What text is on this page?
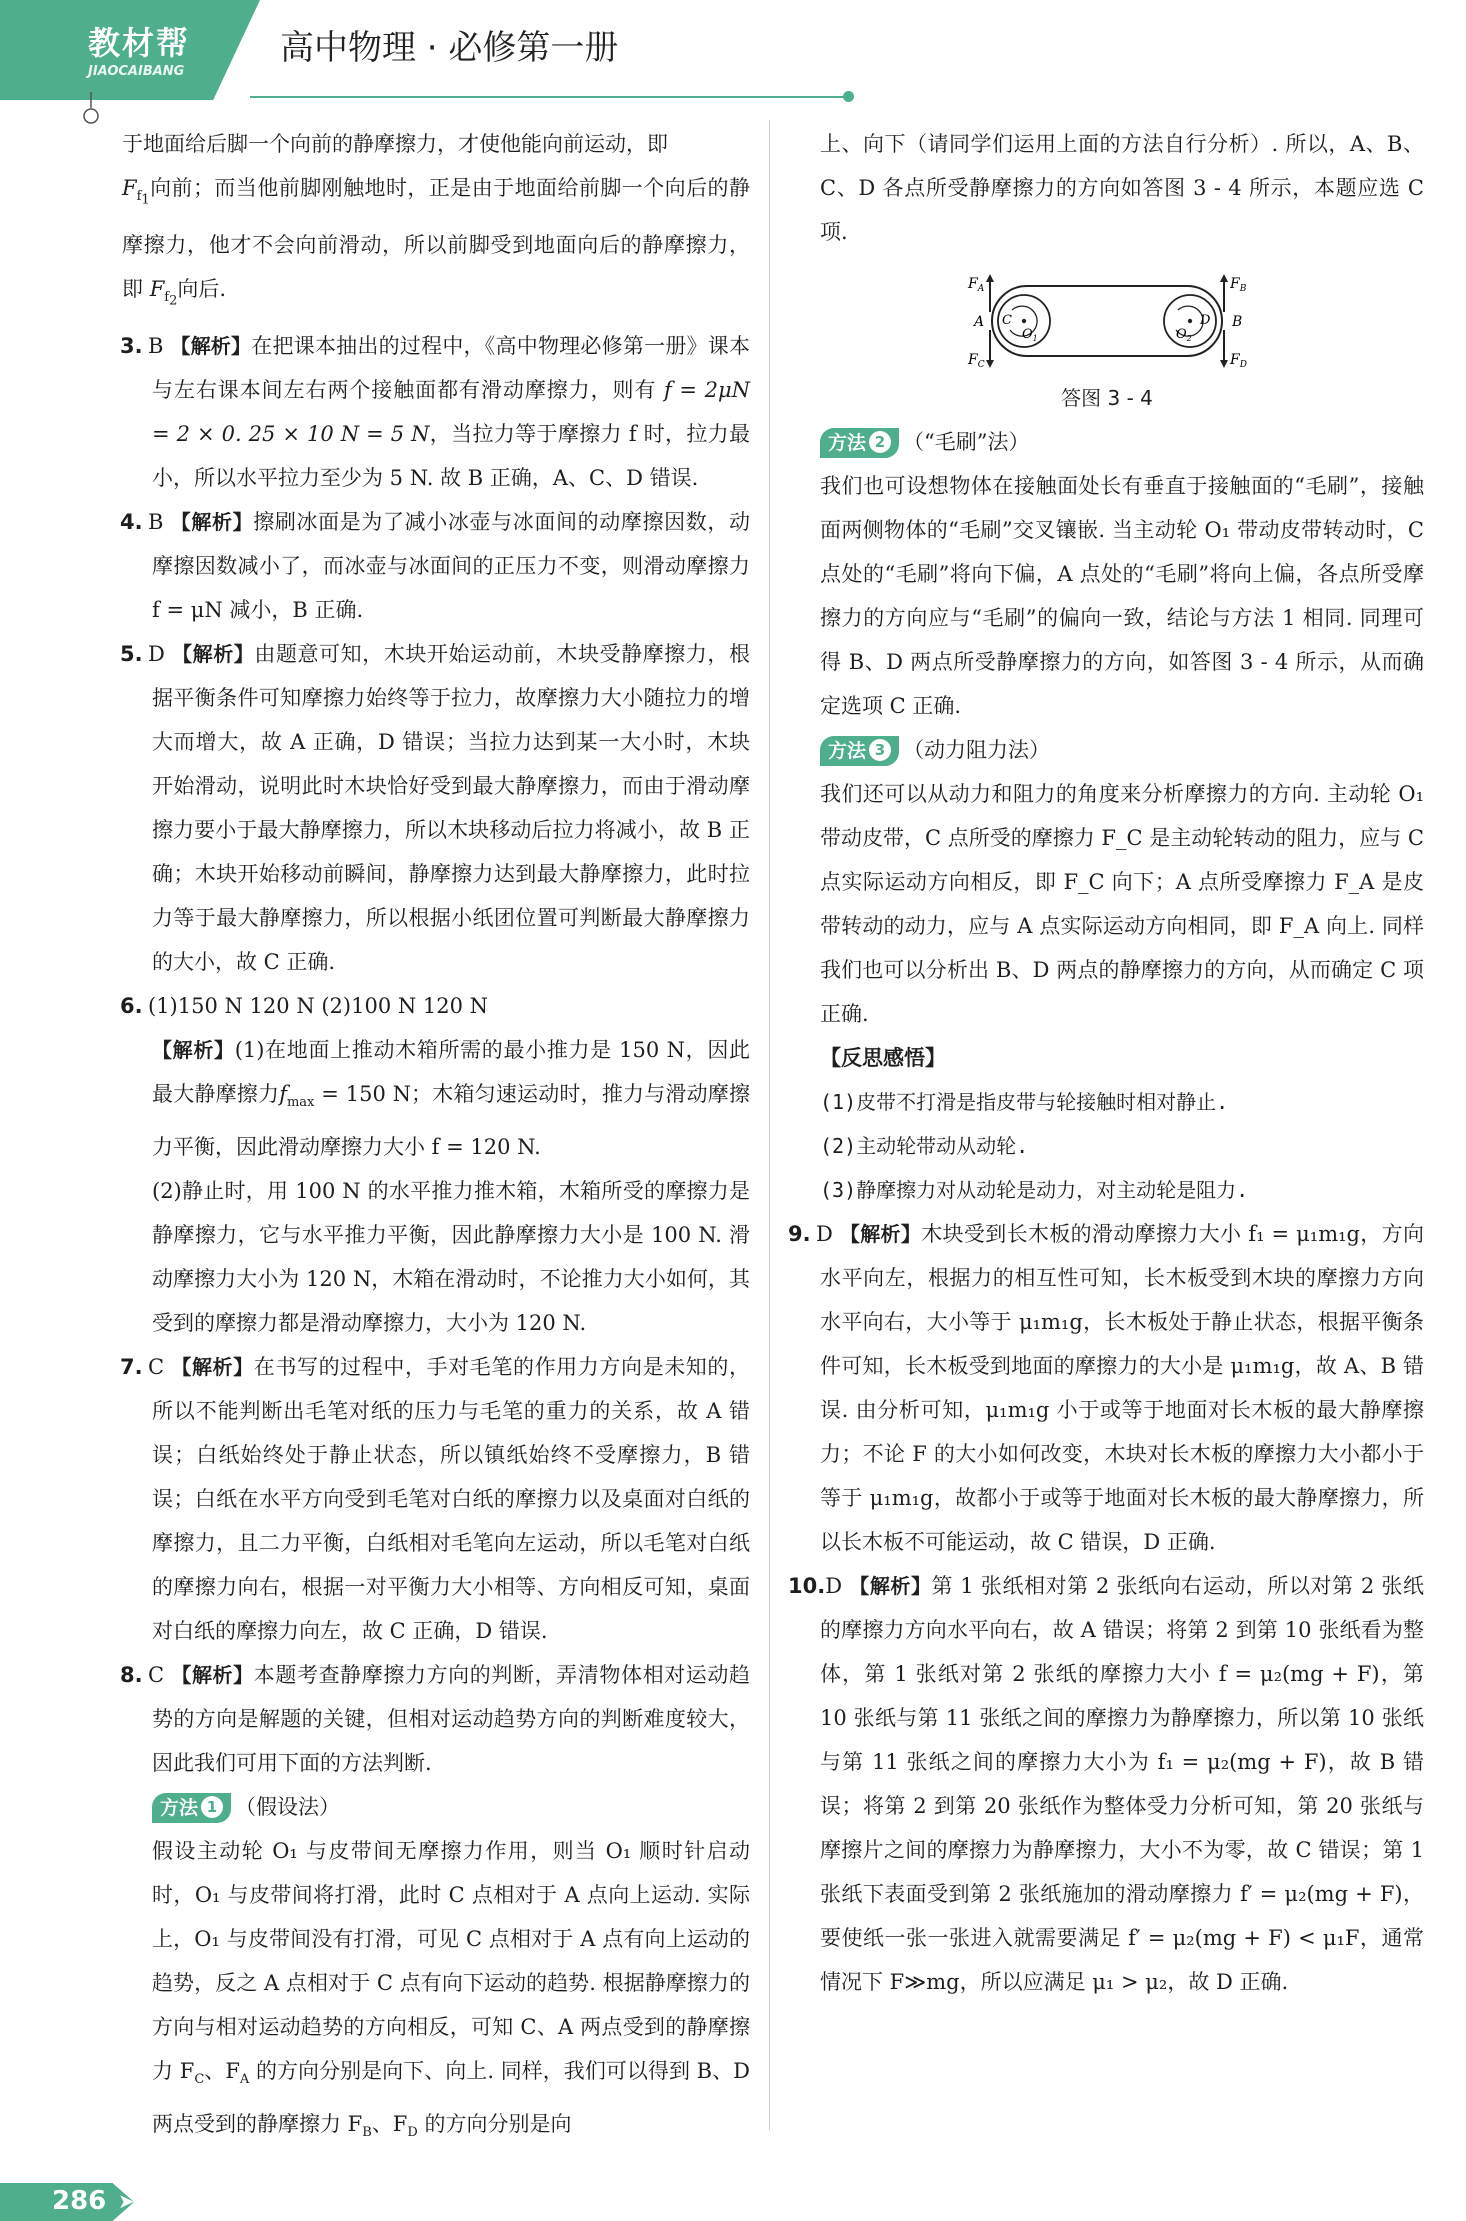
教材帮
JIAOCAIBANG
高中物理 · 必修第一册

于地面给后脚一个向前的静摩擦力，才使他能向前运动，即
$F_{f_1}$向前；而当他前脚刚触地时，正是由于地面给前脚一个向后的静摩擦力，他才不会向前滑动，所以前脚受到地面向后的静摩擦力，即 $F_{f_2}$向后.

3. B 【解析】在把课本抽出的过程中，《高中物理必修第一册》课本与左右课本间左右两个接触面都有滑动摩擦力，则有 f = 2μN = 2 × 0. 25 × 10 N = 5 N，当拉力等于摩擦力 f 时，拉力最小，所以水平拉力至少为 5 N. 故 B 正确，A、C、D 错误.

4. B 【解析】擦刷冰面是为了减小冰壶与冰面间的动摩擦因数，动摩擦因数减小了，而冰壶与冰面间的正压力不变，则滑动摩擦力 f = μN 减小，B 正确.

5. D 【解析】由题意可知，木块开始运动前，木块受静摩擦力，根据平衡条件可知摩擦力始终等于拉力，故摩擦力大小随拉力的增大而增大，故 A 正确，D 错误；当拉力达到某一大小时，木块开始滑动，说明此时木块恰好受到最大静摩擦力，而由于滑动摩擦力要小于最大静摩擦力，所以木块移动后拉力将减小，故 B 正确；木块开始移动前瞬间，静摩擦力达到最大静摩擦力，此时拉力等于最大静摩擦力，所以根据小纸团位置可判断最大静摩擦力的大小，故 C 正确.

6. (1)150 N 120 N (2)100 N 120 N

【解析】(1)在地面上推动木箱所需的最小推力是 150 N，因此最大静摩擦力$f_{max} = 150$ N；木箱匀速运动时，推力与滑动摩擦力平衡，因此滑动摩擦力大小 f = 120 N.

(2)静止时，用 100 N 的水平推力推木箱，木箱所受的摩擦力是静摩擦力，它与水平推力平衡，因此静摩擦力大小是 100 N. 滑动摩擦力大小为 120 N，木箱在滑动时，不论推力大小如何，其受到的摩擦力都是滑动摩擦力，大小为 120 N.

7. C 【解析】在书写的过程中，手对毛笔的作用力方向是未知的，所以不能判断出毛笔对纸的压力与毛笔的重力的关系，故 A 错误；白纸始终处于静止状态，所以镇纸始终不受摩擦力，B 错误；白纸在水平方向受到毛笔对白纸的摩擦力以及桌面对白纸的摩擦力，且二力平衡，白纸相对毛笔向左运动，所以毛笔对白纸的摩擦力向右，根据一对平衡力大小相等、方向相反可知，桌面对白纸的摩擦力向左，故 C 正确，D 错误.

8. C 【解析】本题考查静摩擦力方向的判断，弄清物体相对运动趋势的方向是解题的关键，但相对运动趋势方向的判断难度较大，因此我们可用下面的方法判断.

方法 1 （假设法）

假设主动轮 O₁ 与皮带间无摩擦力作用，则当 O₁ 顺时针启动时，O₁ 与皮带间将打滑，此时 C 点相对于 A 点向上运动. 实际上，O₁ 与皮带间没有打滑，可见 C 点相对于 A 点有向上运动的趋势，反之 A 点相对于 C 点有向下运动的趋势. 根据静摩擦力的方向与相对运动趋势的方向相反，可知 C、A 两点受到的静摩擦力 $F_C$、$F_A$ 的方向分别是向下、向上. 同样，我们可以得到 B、D 两点受到的静摩擦力 $F_B$、$F_D$ 的方向分别是向

上、向下（请同学们运用上面的方法自行分析）. 所以，A、B、C、D 各点所受静摩擦力的方向如答图 3 - 4 所示，本题应选 C 项.

$F_A$
A
$F_C$
C
$O_1$
D
$O_2$
B
$F_B$
$F_D$
答图 3 - 4

方法 2 （“毛刷”法）

我们也可设想物体在接触面处长有垂直于接触面的“毛刷”，接触面两侧物体的“毛刷”交叉镶嵌. 当主动轮 O₁ 带动皮带转动时，C 点处的“毛刷”将向下偏，A 点处的“毛刷”将向上偏，各点所受摩擦力的方向应与“毛刷”的偏向一致，结论与方法 1 相同. 同理可得 B、D 两点所受静摩擦力的方向，如答图 3 - 4 所示，从而确定选项 C 正确.

方法 3 （动力阻力法）

我们还可以从动力和阻力的角度来分析摩擦力的方向. 主动轮 O₁ 带动皮带，C 点所受的摩擦力 F_C 是主动轮转动的阻力，应与 C 点实际运动方向相反，即 F_C 向下；A 点所受摩擦力 F_A 是皮带转动的动力，应与 A 点实际运动方向相同，即 F_A 向上. 同样我们也可以分析出 B、D 两点的静摩擦力的方向，从而确定 C 项正确.

【反思感悟】

(1)皮带不打滑是指皮带与轮接触时相对静止.

(2)主动轮带动从动轮.

(3)静摩擦力对从动轮是动力，对主动轮是阻力.

9. D 【解析】木块受到长木板的滑动摩擦力大小 f₁ = μ₁m₁g，方向水平向左，根据力的相互性可知，长木板受到木块的摩擦力方向水平向右，大小等于 μ₁m₁g，长木板处于静止状态，根据平衡条件可知，长木板受到地面的摩擦力的大小是 μ₁m₁g，故 A、B 错误. 由分析可知，μ₁m₁g 小于或等于地面对长木板的最大静摩擦力；不论 F 的大小如何改变，木块对长木板的摩擦力大小都小于等于 μ₁m₁g，故都小于或等于地面对长木板的最大静摩擦力，所以长木板不可能运动，故 C 错误，D 正确.

10.D 【解析】第 1 张纸相对第 2 张纸向右运动，所以对第 2 张纸的摩擦力方向水平向右，故 A 错误；将第 2 到第 10 张纸看为整体，第 1 张纸对第 2 张纸的摩擦力大小 f = μ₂(mg + F)，第 10 张纸与第 11 张纸之间的摩擦力为静摩擦力，所以第 10 张纸与第 11 张纸之间的摩擦力大小为 f₁ = μ₂(mg + F)，故 B 错误；将第 2 到第 20 张纸作为整体受力分析可知，第 20 张纸与摩擦片之间的摩擦力为静摩擦力，大小不为零，故 C 错误；第 1 张纸下表面受到第 2 张纸施加的滑动摩擦力 f′ = μ₂(mg + F)，要使纸一张一张进入就需要满足 f′ = μ₂(mg + F) < μ₁F，通常情况下 F≫mg，所以应满足 μ₁ > μ₂，故 D 正确.

286 ➤
